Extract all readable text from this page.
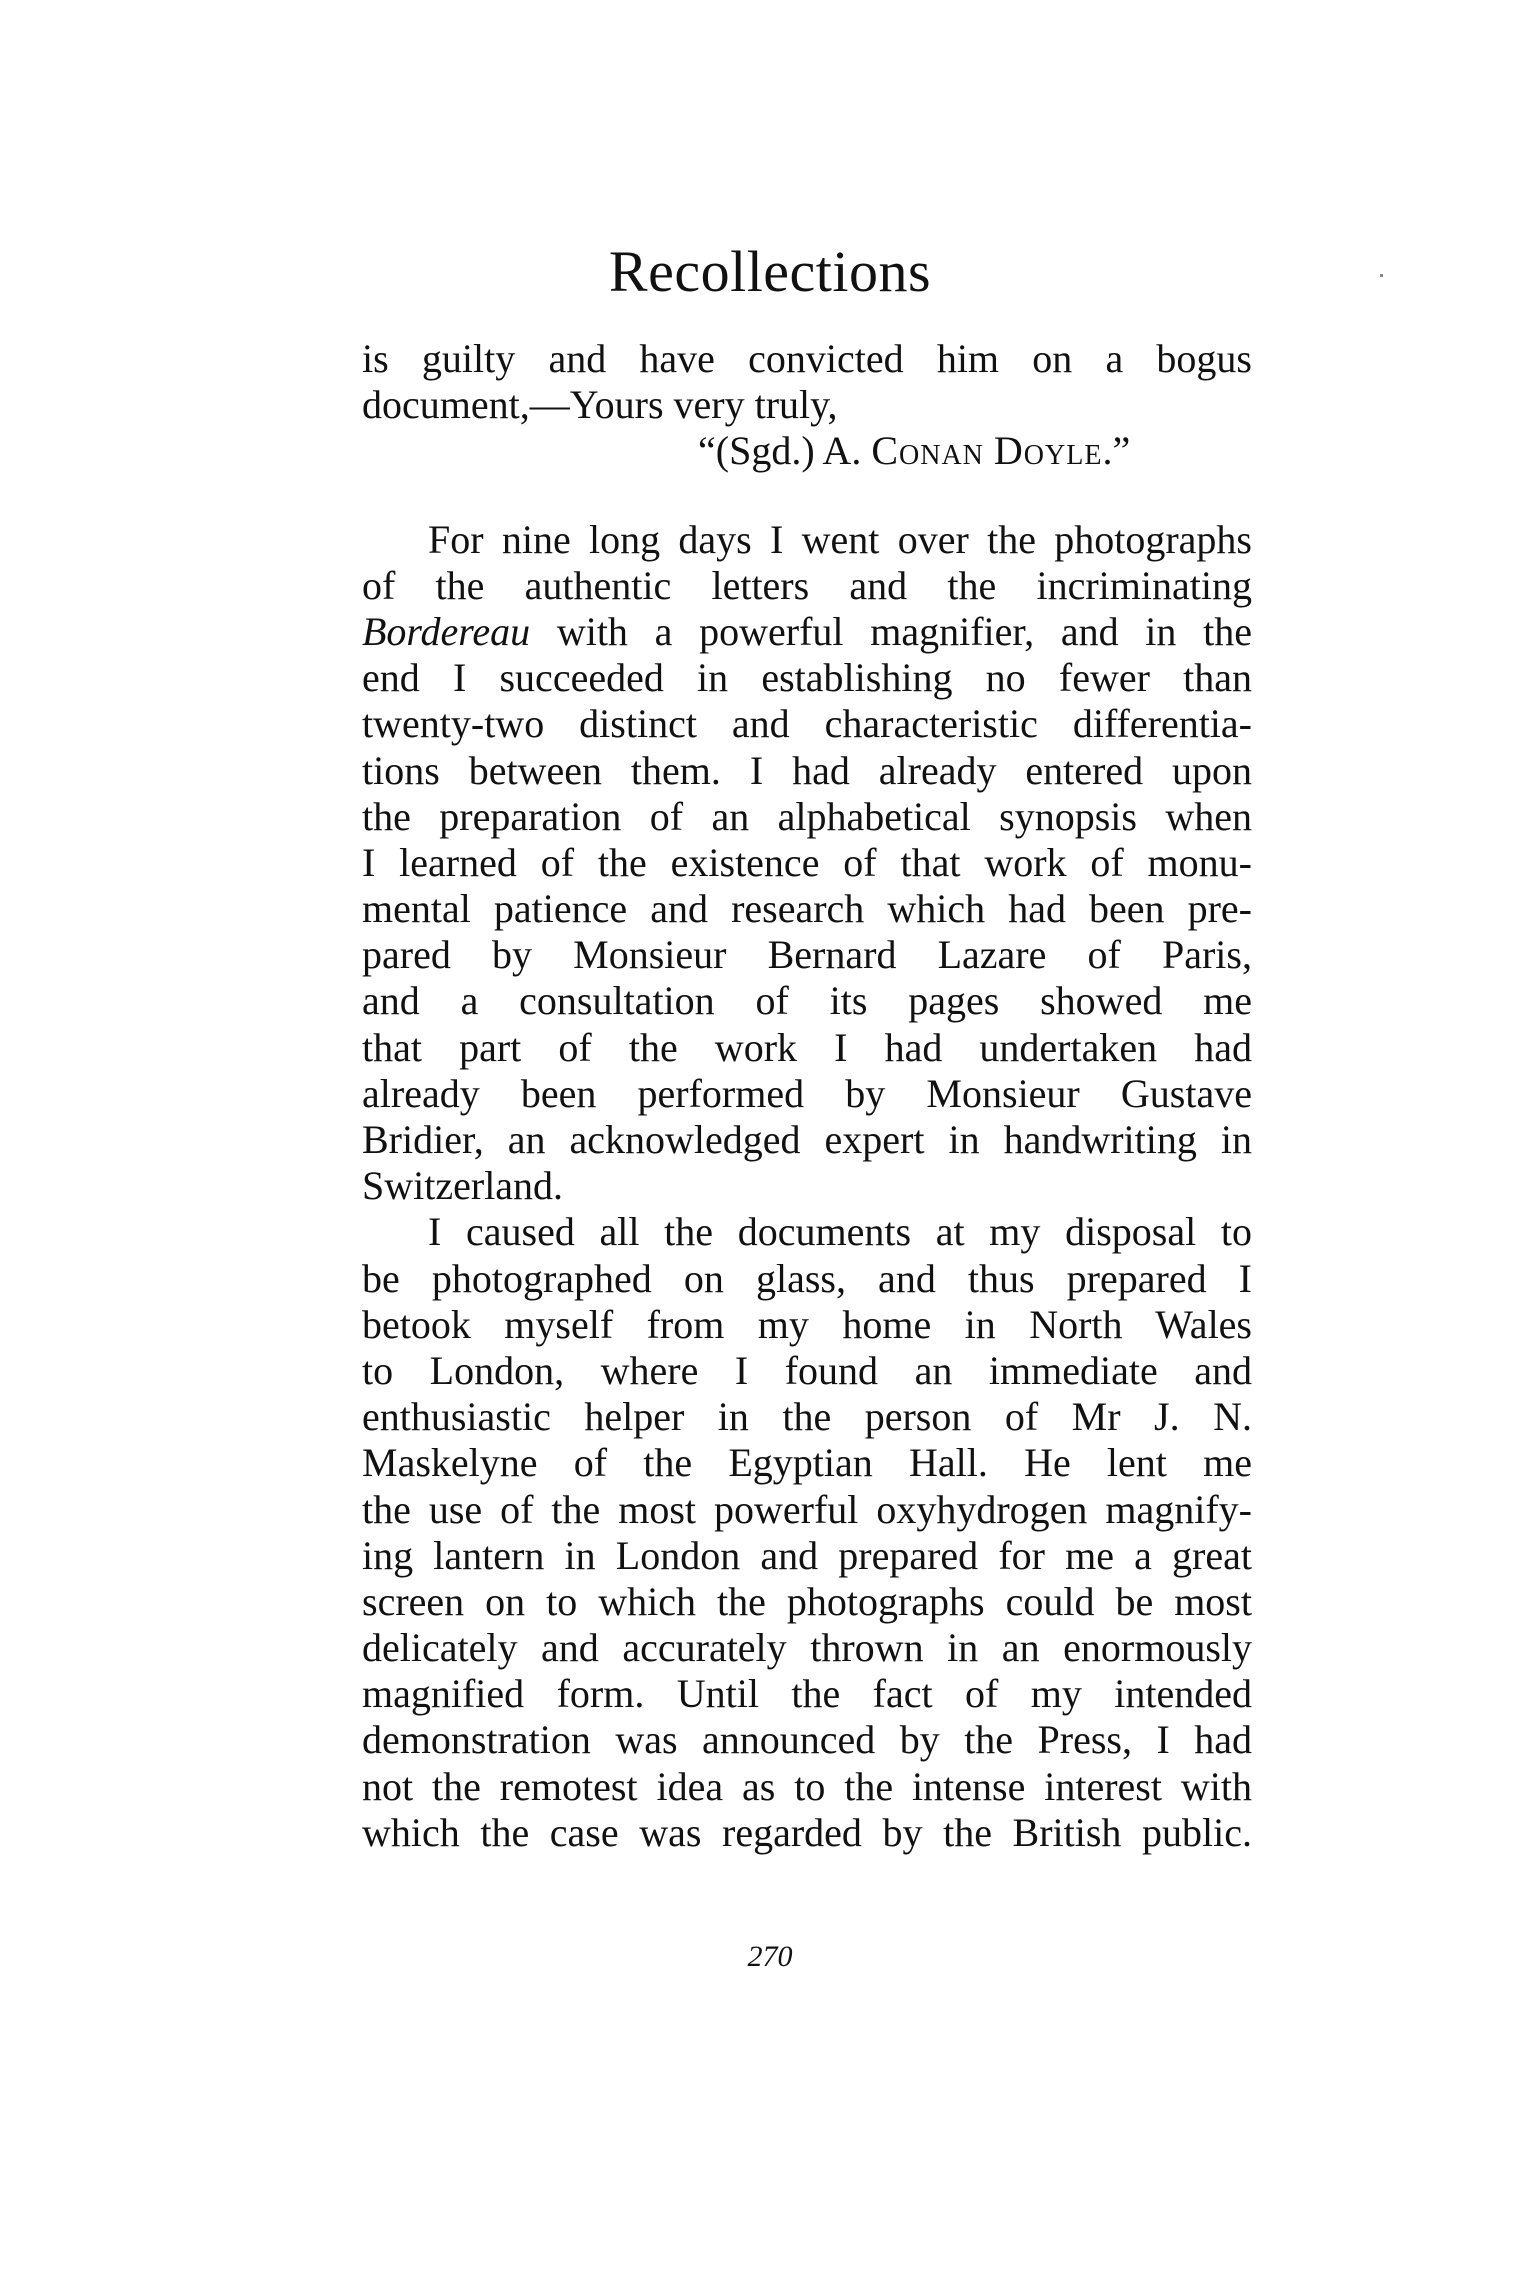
Recollections
is guilty and have convicted him on a bogus
document,—Yours very truly,
“(Sgd.) A. Conan Doyle.”
For nine long days I went over the photographs
of the authentic letters and the incriminating
Bordereau with a powerful magnifier, and in the
end I succeeded in establishing no fewer than
twenty-two distinct and characteristic differentia-
tions between them. I had already entered upon
the preparation of an alphabetical synopsis when
I learned of the existence of that work of monu-
mental patience and research which had been pre-
pared by Monsieur Bernard Lazare of Paris,
and a consultation of its pages showed me
that part of the work I had undertaken had
already been performed by Monsieur Gustave
Bridier, an acknowledged expert in handwriting in
Switzerland.
I caused all the documents at my disposal to
be photographed on glass, and thus prepared I
betook myself from my home in North Wales
to London, where I found an immediate and
enthusiastic helper in the person of Mr J. N.
Maskelyne of the Egyptian Hall. He lent me
the use of the most powerful oxyhydrogen magnify-
ing lantern in London and prepared for me a great
screen on to which the photographs could be most
delicately and accurately thrown in an enormously
magnified form. Until the fact of my intended
demonstration was announced by the Press, I had
not the remotest idea as to the intense interest with
which the case was regarded by the British public.
270
